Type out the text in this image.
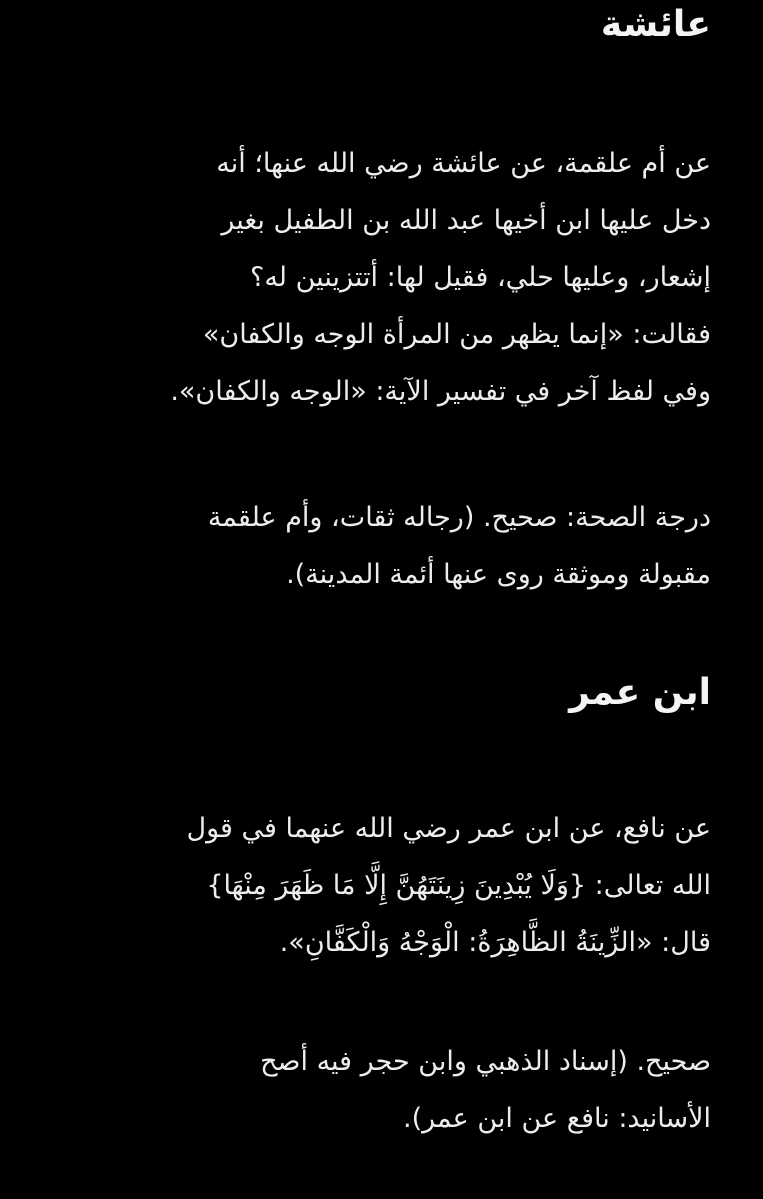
عائشة
عن أم علقمة، عن عائشة رضي الله عنها؛ أنه
دخل عليها ابن أخيها عبد الله بن الطفيل بغير
إشعار، وعليها حلي، فقيل لها: أتتزينين له؟
فقالت: «إنما يظهر من المرأة الوجه والكفان»
وفي لفظ آخر في تفسير الآية: «الوجه والكفان».
درجة الصحة: صحيح. (رجاله ثقات، وأم علقمة
مقبولة وموثقة روى عنها أئمة المدينة).
ابن عمر
عن نافع، عن ابن عمر رضي الله عنهما في قول
الله تعالى: {وَلَا يُبْدِينَ زِينَتَهُنَّ إِلَّا مَا ظَهَرَ مِنْهَا}
قال: «الزِّينَةُ الظَّاهِرَةُ: الْوَجْهُ وَالْكَفَّانِ».
صحيح. (إسناد الذهبي وابن حجر فيه أصح
الأسانيد: نافع عن ابن عمر).
